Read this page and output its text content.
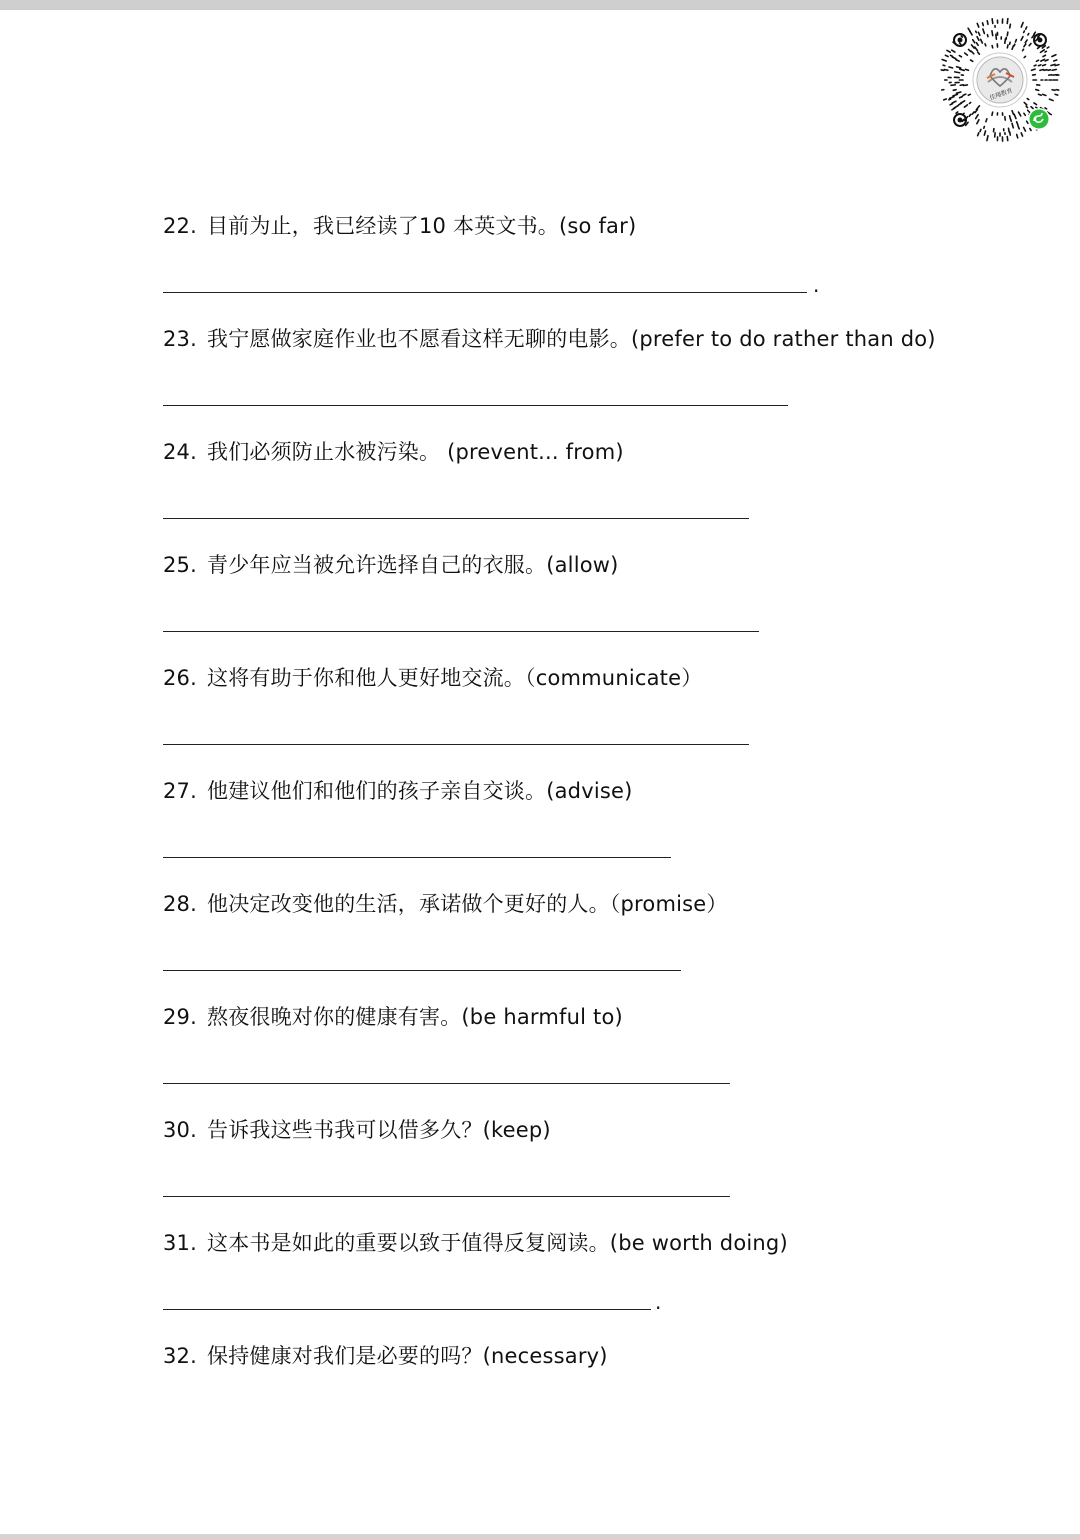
佳翔教育
22. 目前为止，我已经读了10 本英文书。(so far)
.
23. 我宁愿做家庭作业也不愿看这样无聊的电影。(prefer to do rather than do)
24. 我们必须防止水被污染。 (prevent... from)
25. 青少年应当被允许选择自己的衣服。(allow)
26. 这将有助于你和他人更好地交流。（communicate）
27. 他建议他们和他们的孩子亲自交谈。(advise)
28. 他决定改变他的生活，承诺做个更好的人。（promise）
29. 熬夜很晚对你的健康有害。(be harmful to)
30. 告诉我这些书我可以借多久？(keep)
31. 这本书是如此的重要以致于值得反复阅读。(be worth doing)
.
32. 保持健康对我们是必要的吗？(necessary)
